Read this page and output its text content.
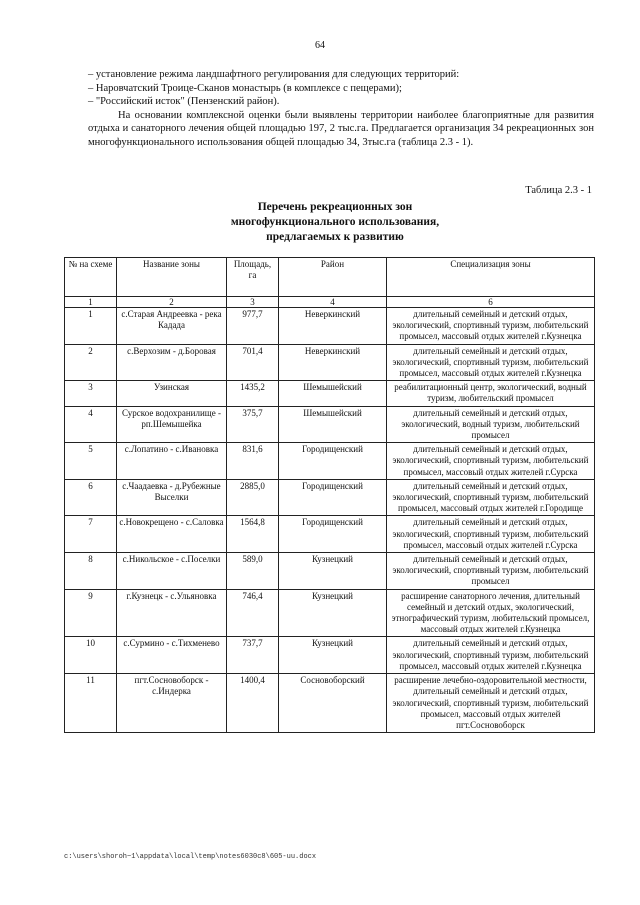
64

– установление режима ландшафтного регулирования для следующих территорий:

– Наровчатский Троице-Сканов монастырь (в комплексе с пещерами);

– "Российский исток" (Пензенский район).

На основании комплексной оценки были выявлены территории наиболее благоприятные для развития отдыха и санаторного лечения общей площадью 197, 2 тыс.га. Предлагается организация 34 рекреационных зон многофункционального использования общей площадью 34, 3тыс.га (таблица 2.3 - 1).

Таблица 2.3 - 1
Перечень рекреационных зон
многофункционального использования,
предлагаемых к развитию
№ на схеме	Название зоны	Площадь, га	Район	Специализация зоны
1	2	3	4	6
1	с.Старая Андреевка - река Кадада	977,7	Неверкинский	длительный семейный и детский отдых, экологический, спортивный туризм, любительский промысел, массовый отдых жителей г.Кузнецка
2	с.Верхозим - д.Боровая	701,4	Неверкинский	длительный семейный и детский отдых, экологический, спортивный туризм, любительский промысел, массовый отдых жителей г.Кузнецка
3	Узинская	1435,2	Шемышейский	реабилитационный центр, экологический, водный туризм, любительский промысел
4	Сурское водохранилище - рп.Шемышейка	375,7	Шемышейский	длительный семейный и детский отдых, экологический, водный туризм, любительский промысел
5	с.Лопатино - с.Ивановка	831,6	Городищенский	длительный семейный и детский отдых, экологический, спортивный туризм, любительский промысел, массовый отдых жителей г.Сурска
6	с.Чаадаевка - д.Рубежные Выселки	2885,0	Городищенский	длительный семейный и детский отдых, экологический, спортивный туризм, любительский промысел, массовый отдых жителей г.Городище
7	с.Новокрещено - с.Саловка	1564,8	Городищенский	длительный семейный и детский отдых, экологический, спортивный туризм, любительский промысел, массовый отдых жителей г.Сурска
8	с.Никольское - с.Поселки	589,0	Кузнецкий	длительный семейный и детский отдых, экологический, спортивный туризм, любительский промысел
9	г.Кузнецк - с.Ульяновка	746,4	Кузнецкий	расширение санаторного лечения, длительный семейный и детский отдых, экологический, этнографический туризм, любительский промысел, массовый отдых жителей г.Кузнецка
10	с.Сурмино - с.Тихменево	737,7	Кузнецкий	длительный семейный и детский отдых, экологический, спортивный туризм, любительский промысел, массовый отдых жителей г.Кузнецка
11	пгт.Сосновоборск - с.Индерка	1400,4	Сосновоборский	расширение лечебно-оздоровительной местности, длительный семейный и детский отдых, экологический, спортивный туризм, любительский промысел, массовый отдых жителей пгт.Сосновоборск
c:\users\shoroh~1\appdata\local\temp\notes6030c8\605-uu.docx
